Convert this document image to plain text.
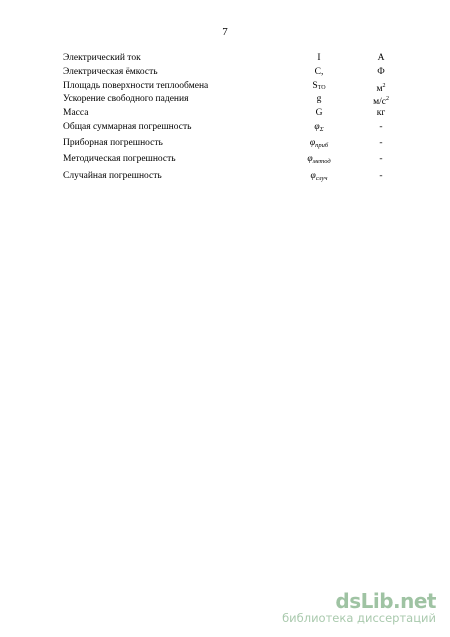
7
Электрический ток	I	А
Электрическая ёмкость	C,	Ф
Площадь поверхности теплообмена	SТО	$м^2$
Ускорение свободного падения	g	$м/с^2$
Масса	G	кг
Общая суммарная погрешность	$\varphi_\Sigma$	-
Приборная погрешность	$\varphi_{приб}$	-
Методическая погрешность	$\varphi_{метод}$	-
Случайная погрешность	$\varphi_{случ}$	-
dsLib.net
библиотека диссертаций
